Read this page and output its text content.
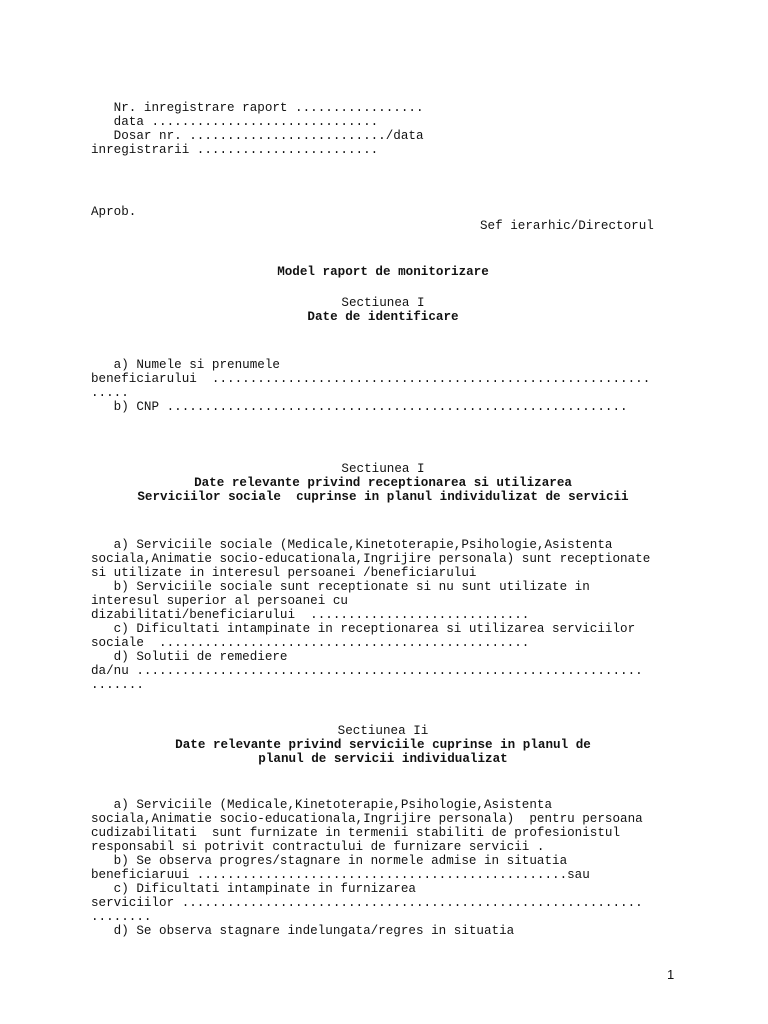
Nr. inregistrare raport .................
data ..............................
Dosar nr. ........................../data
inregistrarii ........................
Aprob.
Sef ierarhic/Directorul
Model raport de monitorizare
Sectiunea I
Date de identificare
a) Numele si prenumele
beneficiarului  ..........................................................
.....
b) CNP .............................................................
Sectiunea I
Date relevante privind receptionarea si utilizarea
Serviciilor sociale  cuprinse in planul individulizat de servicii
a) Serviciile sociale (Medicale,Kinetoterapie,Psihologie,Asistenta
sociala,Animatie socio-educationala,Ingrijire personala) sunt receptionate
si utilizate in interesul persoanei /beneficiarului
b) Serviciile sociale sunt receptionate si nu sunt utilizate in
interesul superior al persoanei cu
dizabilitati/beneficiarului  .............................
c) Dificultati intampinate in receptionarea si utilizarea serviciilor
sociale  .................................................
d) Solutii de remediere
da/nu ...................................................................
.......
Sectiunea Ii
Date relevante privind serviciile cuprinse in planul de
planul de servicii individualizat
a) Serviciile (Medicale,Kinetoterapie,Psihologie,Asistenta
sociala,Animatie socio-educationala,Ingrijire personala)  pentru persoana
cudizabilitati  sunt furnizate in termenii stabiliti de profesionistul
responsabil si potrivit contractului de furnizare servicii .
b) Se observa progres/stagnare in normele admise in situatia
beneficiaruui .................................................sau
c) Dificultati intampinate in furnizarea
serviciilor .............................................................
........
d) Se observa stagnare indelungata/regres in situatia
1
